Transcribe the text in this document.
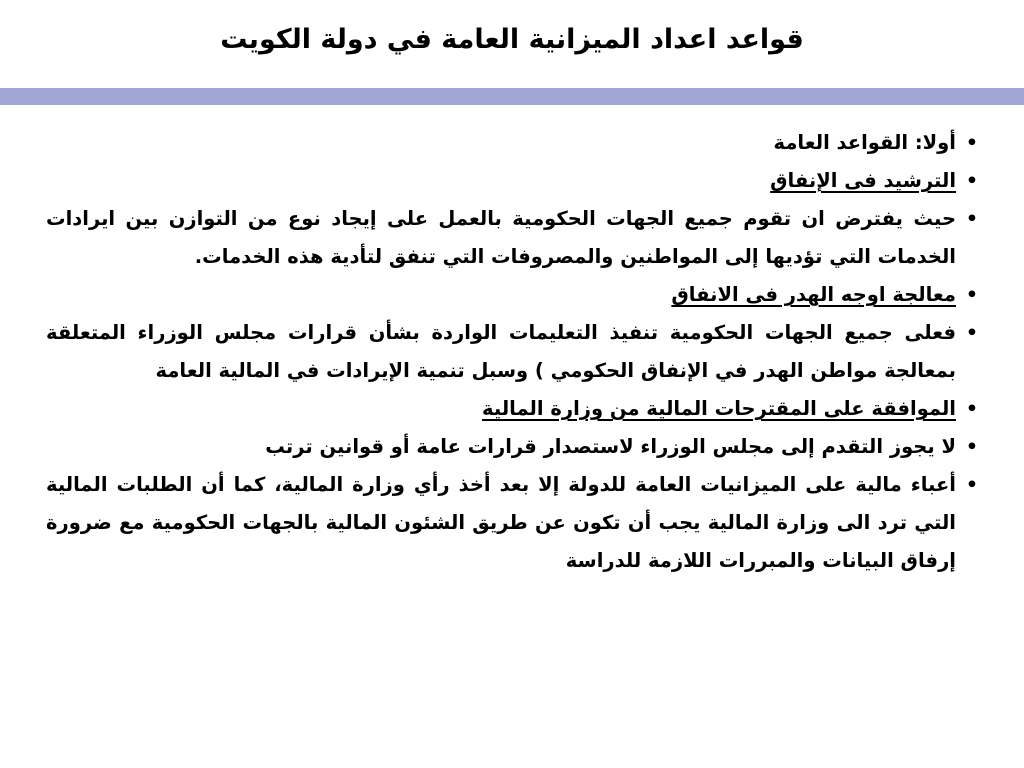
قواعد اعداد الميزانية العامة في دولة الكويت
•
أولا: القواعد العامة
•
الترشيد فى الإنفاق
•
حيث يفترض ان تقوم جميع الجهات الحكومية بالعمل على إيجاد نوع من التوازن بين ايرادات الخدمات التي تؤديها إلى المواطنين والمصروفات التي تنفق لتأدية هذه الخدمات.
•
معالجة اوجه الهدر فى الانفاق
•
فعلى جميع الجهات الحكومية تنفيذ التعليمات الواردة بشأن قرارات مجلس الوزراء المتعلقة بمعالجة مواطن الهدر في الإنفاق الحكومي ) وسبل تنمية الإيرادات في المالية العامة
•
الموافقة على المقترحات المالية من وزارة المالية
•
لا يجوز التقدم إلى مجلس الوزراء لاستصدار قرارات عامة أو قوانين ترتب
•
أعباء مالية على الميزانيات العامة للدولة إلا بعد أخذ رأي وزارة المالية، كما أن الطلبات المالية التي ترد الى وزارة المالية يجب أن تكون عن طريق الشئون المالية بالجهات الحكومية مع ضرورة إرفاق البيانات والمبررات اللازمة للدراسة
